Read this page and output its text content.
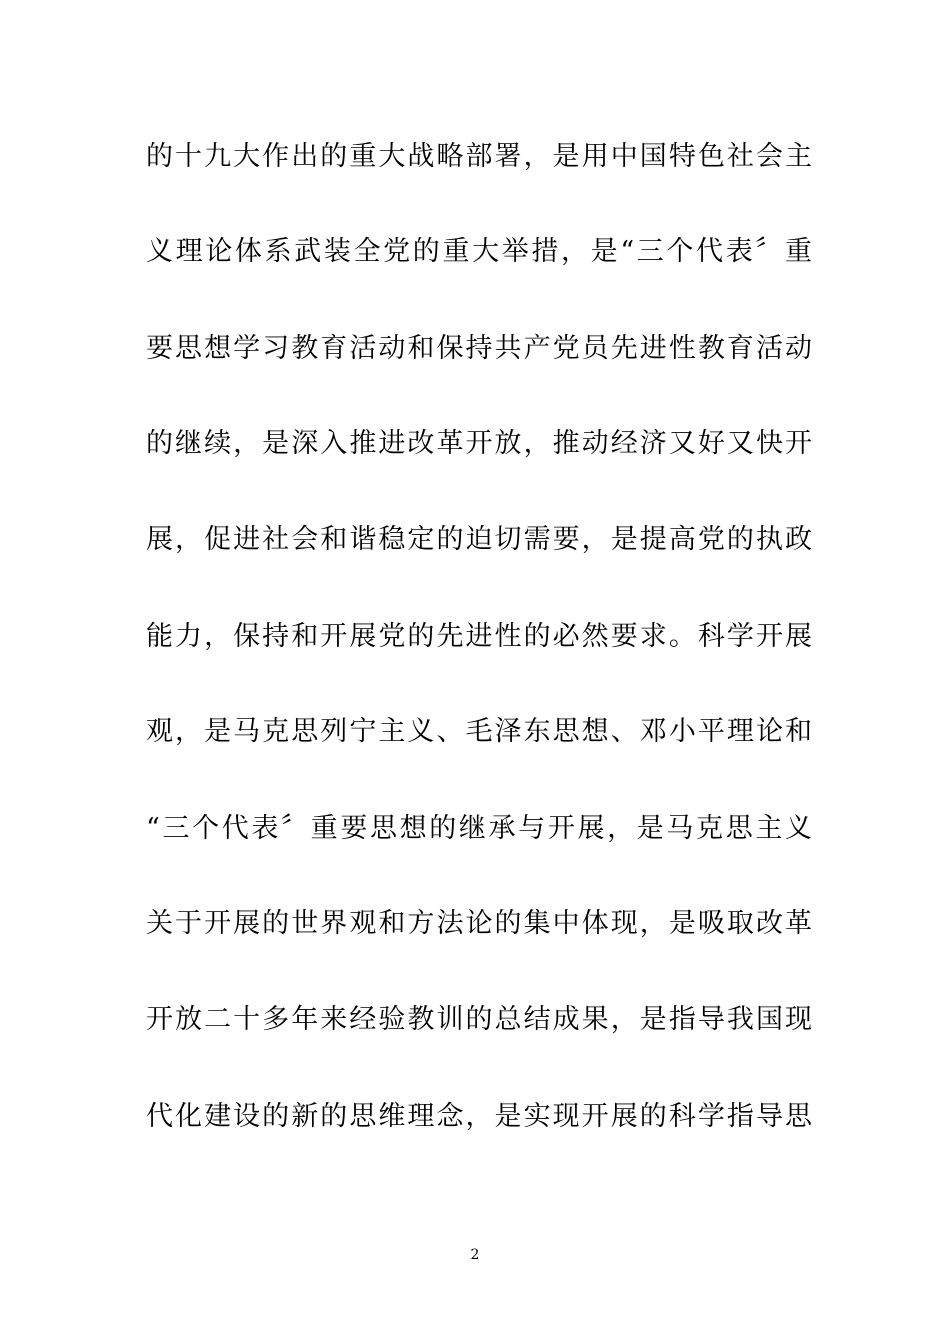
的十九大作出的重大战略部署，是用中国特色社会主
义理论体系武装全党的重大举措，是“三个代表〞重
要思想学习教育活动和保持共产党员先进性教育活动
的继续，是深入推进改革开放，推动经济又好又快开
展，促进社会和谐稳定的迫切需要，是提高党的执政
能力，保持和开展党的先进性的必然要求。科学开展
观，是马克思列宁主义、毛泽东思想、邓小平理论和
“三个代表〞重要思想的继承与开展，是马克思主义
关于开展的世界观和方法论的集中体现，是吸取改革
开放二十多年来经验教训的总结成果，是指导我国现
代化建设的新的思维理念，是实现开展的科学指导思
2
